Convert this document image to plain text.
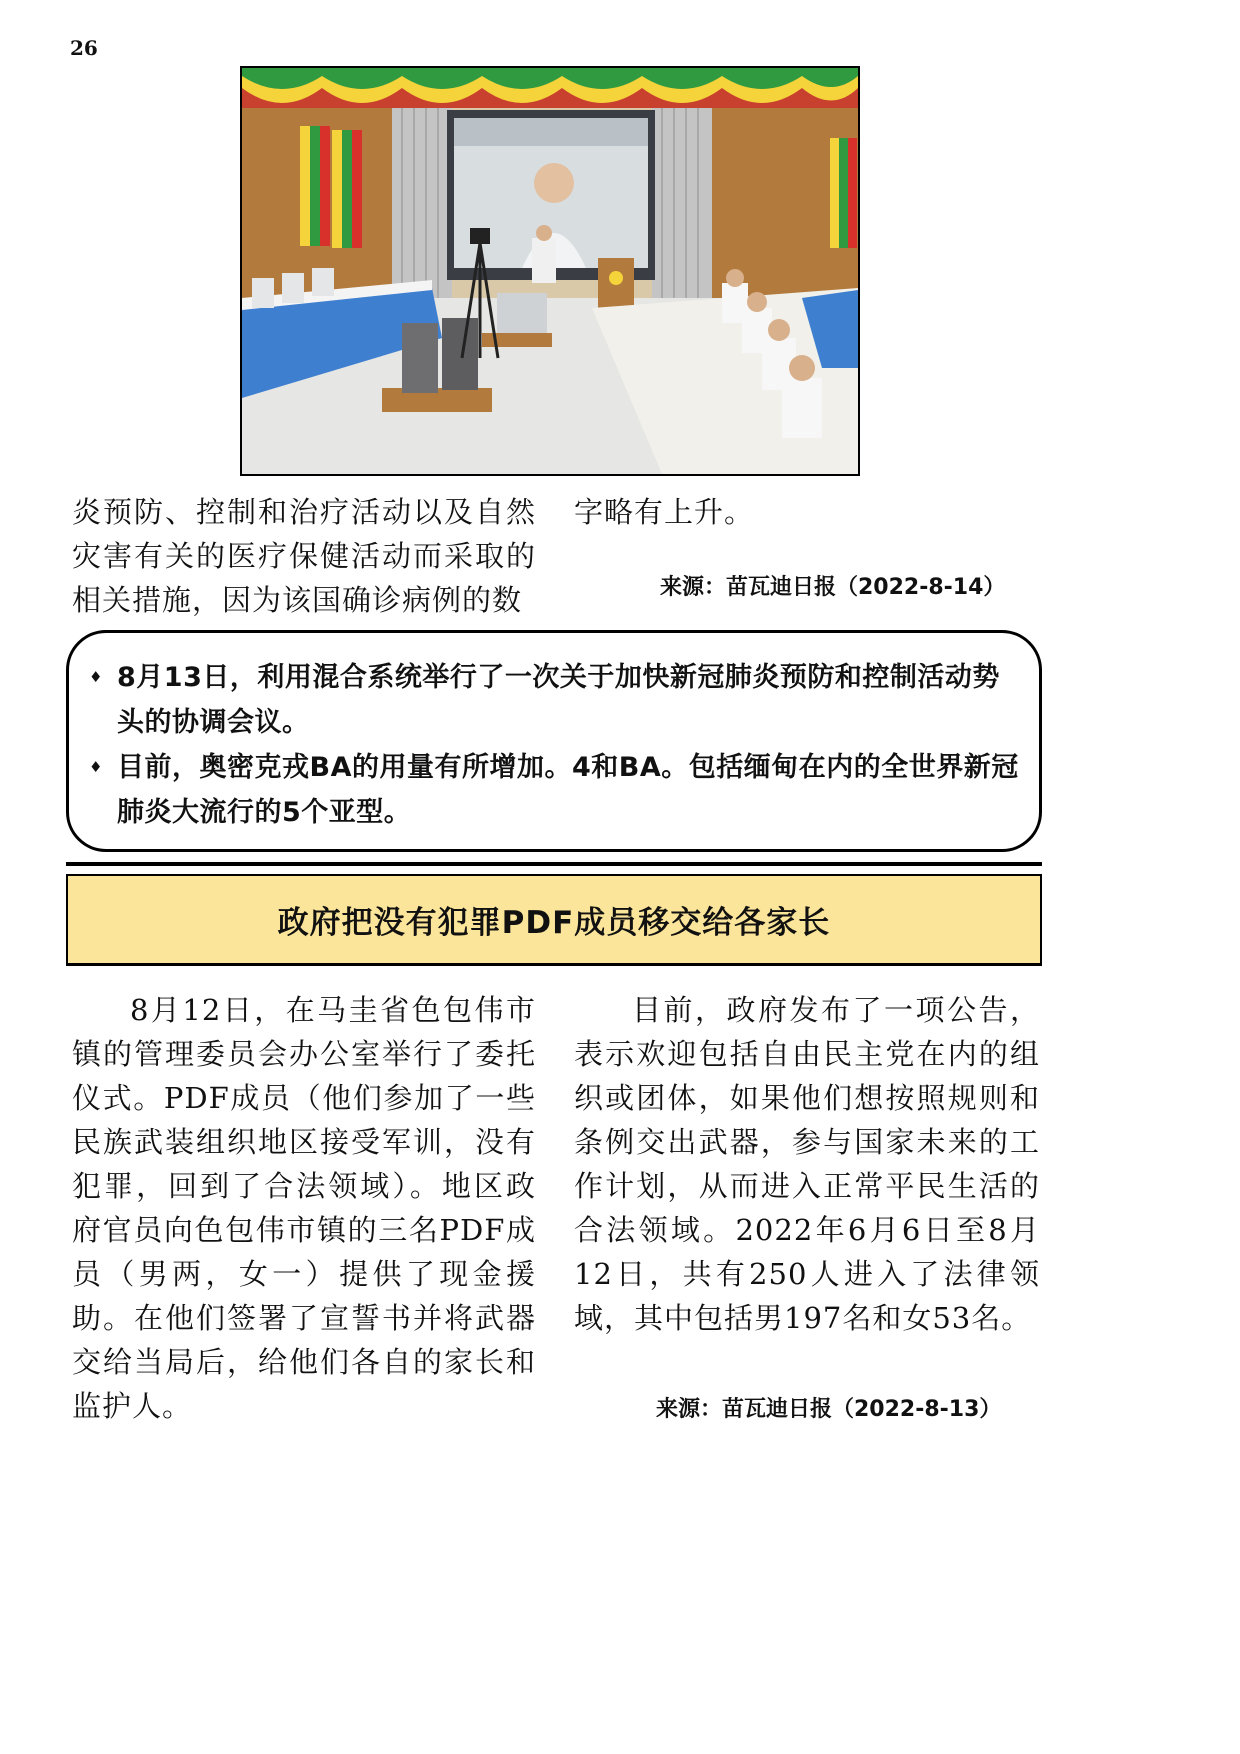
26

炎预防、控制和治疗活动以及自然灾害有关的医疗保健活动而采取的相关措施，因为该国确诊病例的数

字略有上升。

来源：苗瓦迪日报（2022-8-14）
♦ 8月13日，利用混合系统举行了一次关于加快新冠肺炎预防和控制活动势头的协调会议。
♦ 目前，奥密克戎BA的用量有所增加。4和BA。包括缅甸在内的全世界新冠肺炎大流行的5个亚型。
政府把没有犯罪PDF成员移交给各家长

8月12日，在马圭省色包伟市镇的管理委员会办公室举行了委托仪式。PDF成员（他们参加了一些民族武装组织地区接受军训，没有犯罪，回到了合法领域）。地区政府官员向色包伟市镇的三名PDF成员（男两，女一）提供了现金援助。在他们签署了宣誓书并将武器交给当局后，给他们各自的家长和监护人。

目前，政府发布了一项公告，表示欢迎包括自由民主党在内的组织或团体，如果他们想按照规则和条例交出武器，参与国家未来的工作计划，从而进入正常平民生活的合法领域。2022年6月6日至8月12日，共有250人进入了法律领域，其中包括男197名和女53名。

来源：苗瓦迪日报（2022-8-13）
